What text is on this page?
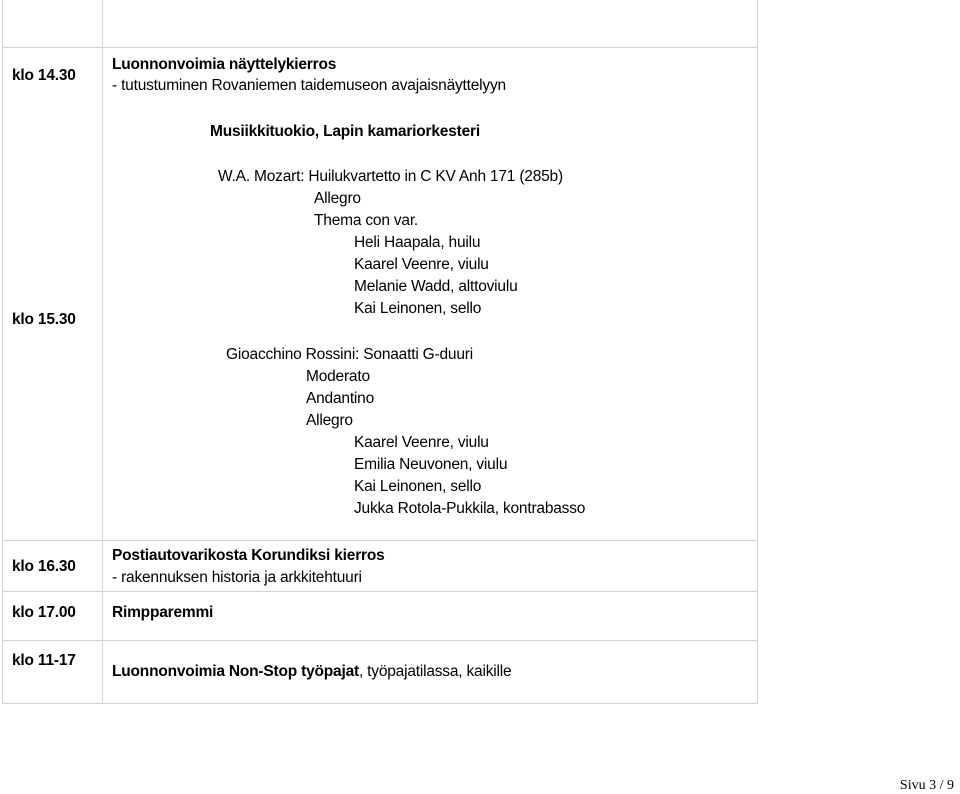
klo 14.30

Luonnonvoimia näyttelykierros

- tutustuminen Rovaniemen taidemuseon avajaisnäyttelyyn

klo 15.30

Musiikkituokio, Lapin kamariorkesteri

W.A. Mozart: Huilukvartetto in C KV Anh 171 (285b)

Allegro

Thema con var.

Heli Haapala, huilu

Kaarel Veenre, viulu

Melanie Wadd, alttoviulu

Kai Leinonen, sello

Gioacchino Rossini: Sonaatti G-duuri

Moderato

Andantino

Allegro

Kaarel Veenre, viulu

Emilia Neuvonen, viulu

Kai Leinonen, sello

Jukka Rotola-Pukkila, kontrabasso

klo 16.30

Postiautovarikosta Korundiksi kierros

- rakennuksen historia ja arkkitehtuuri

klo 17.00 Rimpparemmi

klo 11-17

Luonnonvoimia Non-Stop työpajat, työpajatilassa, kaikille

Sivu 3 / 9
